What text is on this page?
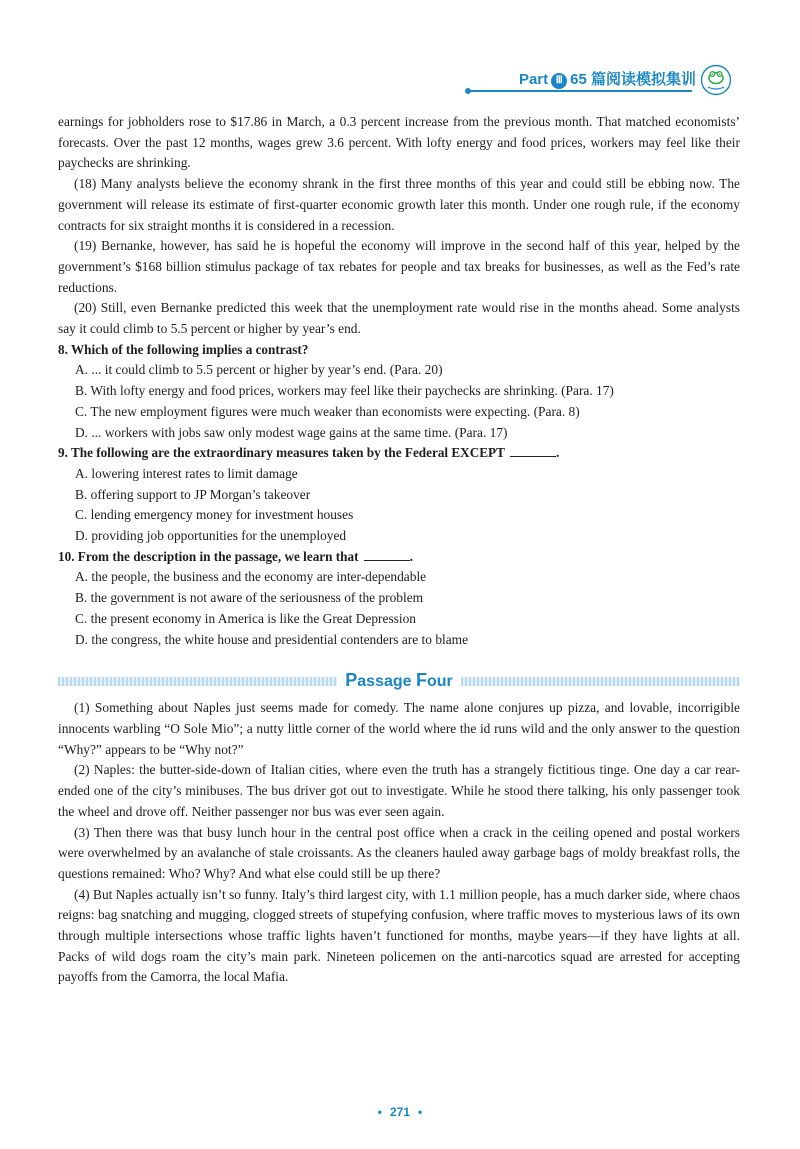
Part Ⅲ 65 篇阅读模拟集训

earnings for jobholders rose to $17.86 in March, a 0.3 percent increase from the previous month. That matched economists’ forecasts. Over the past 12 months, wages grew 3.6 percent. With lofty energy and food prices, workers may feel like their paychecks are shrinking.

(18) Many analysts believe the economy shrank in the first three months of this year and could still be ebbing now. The government will release its estimate of first-quarter economic growth later this month. Under one rough rule, if the economy contracts for six straight months it is considered in a recession.

(19) Bernanke, however, has said he is hopeful the economy will improve in the second half of this year, helped by the government’s $168 billion stimulus package of tax rebates for people and tax breaks for businesses, as well as the Fed’s rate reductions.

(20) Still, even Bernanke predicted this week that the unemployment rate would rise in the months ahead. Some analysts say it could climb to 5.5 percent or higher by year’s end.

8. Which of the following implies a contrast?

A. ... it could climb to 5.5 percent or higher by year’s end. (Para. 20)

B. With lofty energy and food prices, workers may feel like their paychecks are shrinking. (Para. 17)

C. The new employment figures were much weaker than economists were expecting. (Para. 8)

D. ... workers with jobs saw only modest wage gains at the same time. (Para. 17)

9. The following are the extraordinary measures taken by the Federal EXCEPT	.

A. lowering interest rates to limit damage

B. offering support to JP Morgan’s takeover

C. lending emergency money for investment houses

D. providing job opportunities for the unemployed

10. From the description in the passage, we learn that	.

A. the people, the business and the economy are inter-dependable

B. the government is not aware of the seriousness of the problem

C. the present economy in America is like the Great Depression

D. the congress, the white house and presidential contenders are to blame

Passage Four

(1) Something about Naples just seems made for comedy. The name alone conjures up pizza, and lovable, incorrigible innocents warbling “O Sole Mio”; a nutty little corner of the world where the id runs wild and the only answer to the question “Why?” appears to be “Why not?”

(2) Naples: the butter-side-down of Italian cities, where even the truth has a strangely fictitious tinge. One day a car rear-ended one of the city’s minibuses. The bus driver got out to investigate. While he stood there talking, his only passenger took the wheel and drove off. Neither passenger nor bus was ever seen again.

(3) Then there was that busy lunch hour in the central post office when a crack in the ceiling opened and postal workers were overwhelmed by an avalanche of stale croissants. As the cleaners hauled away garbage bags of moldy breakfast rolls, the questions remained: Who? Why? And what else could still be up there?

(4) But Naples actually isn’t so funny. Italy’s third largest city, with 1.1 million people, has a much darker side, where chaos reigns: bag snatching and mugging, clogged streets of stupefying confusion, where traffic moves to mysterious laws of its own through multiple intersections whose traffic lights haven’t functioned for months, maybe years—if they have lights at all. Packs of wild dogs roam the city’s main park. Nineteen policemen on the anti-narcotics squad are arrested for accepting payoffs from the Camorra, the local Mafia.

• 271 •
